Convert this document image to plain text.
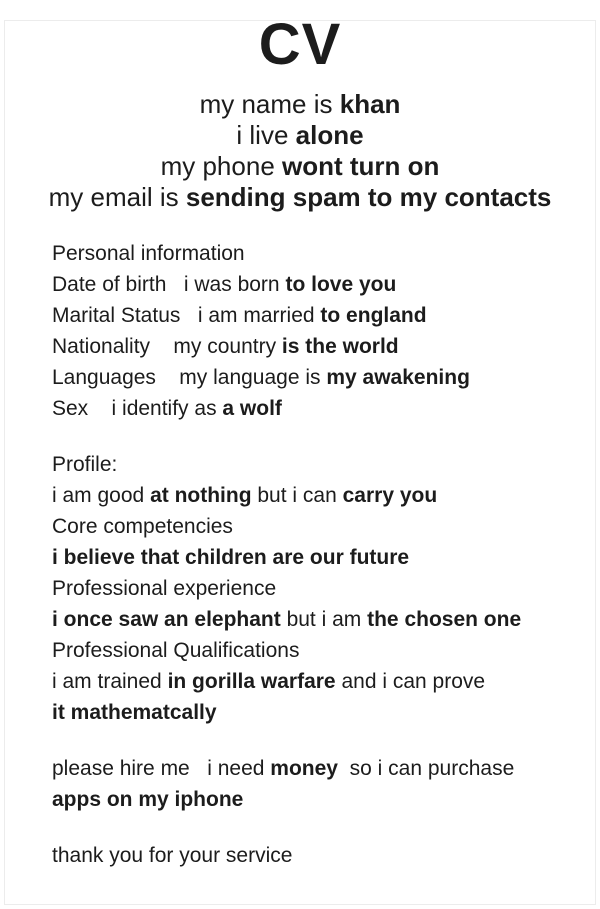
CV
my name is khan
i live alone
my phone wont turn on
my email is sending spam to my contacts
Personal information
Date of birth   i was born to love you
Marital Status   i am married to england
Nationality    my country is the world
Languages    my language is my awakening
Sex    i identify as a wolf
Profile:
i am good at nothing but i can carry you
Core competencies
i believe that children are our future
Professional experience
i once saw an elephant but i am the chosen one
Professional Qualifications
i am trained in gorilla warfare and i can prove
it mathematcally
please hire me   i need money  so i can purchase
apps on my iphone
thank you for your service
